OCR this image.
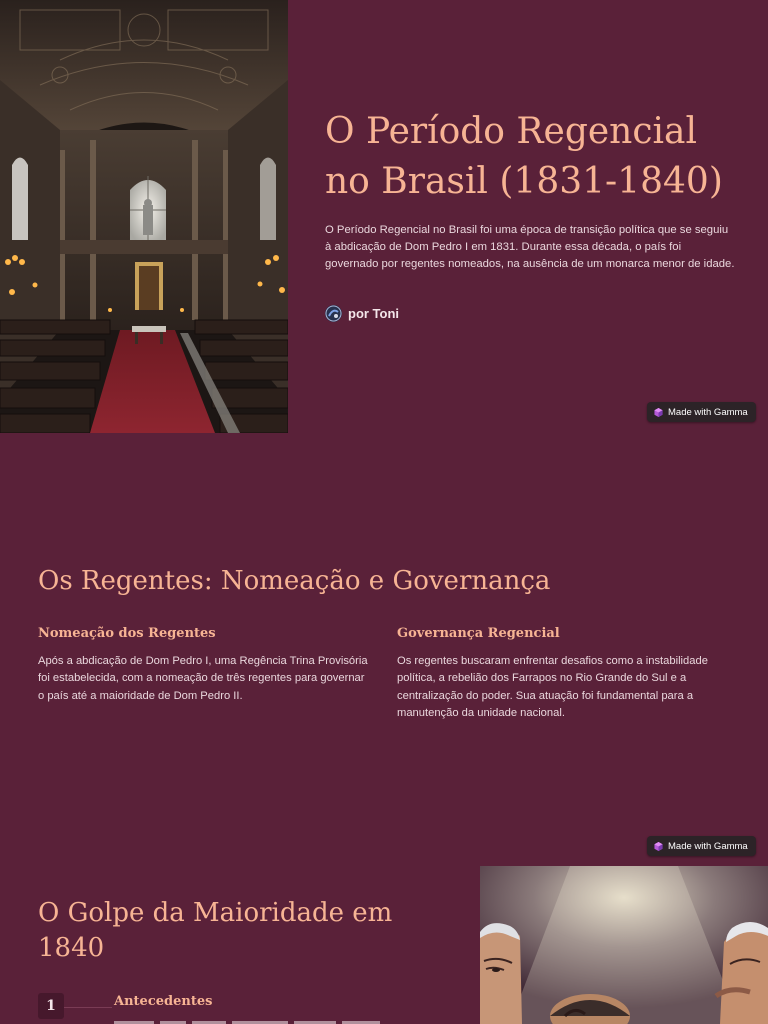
O Período Regencial no Brasil (1831-1840)

O Período Regencial no Brasil foi uma época de transição política que se seguiu à abdicação de Dom Pedro I em 1831. Durante essa década, o país foi governado por regentes nomeados, na ausência de um monarca menor de idade.

por Toni
Made with Gamma
Os Regentes: Nomeação e Governança
Nomeação dos Regentes

Após a abdicação de Dom Pedro I, uma Regência Trina Provisória foi estabelecida, com a nomeação de três regentes para governar o país até a maioridade de Dom Pedro II.

Governança Regencial

Os regentes buscaram enfrentar desafios como a instabilidade política, a rebelião dos Farrapos no Rio Grande do Sul e a centralização do poder. Sua atuação foi fundamental para a manutenção da unidade nacional.

Made with Gamma
O Golpe da Maioridade em 1840
1	Antecedentes
